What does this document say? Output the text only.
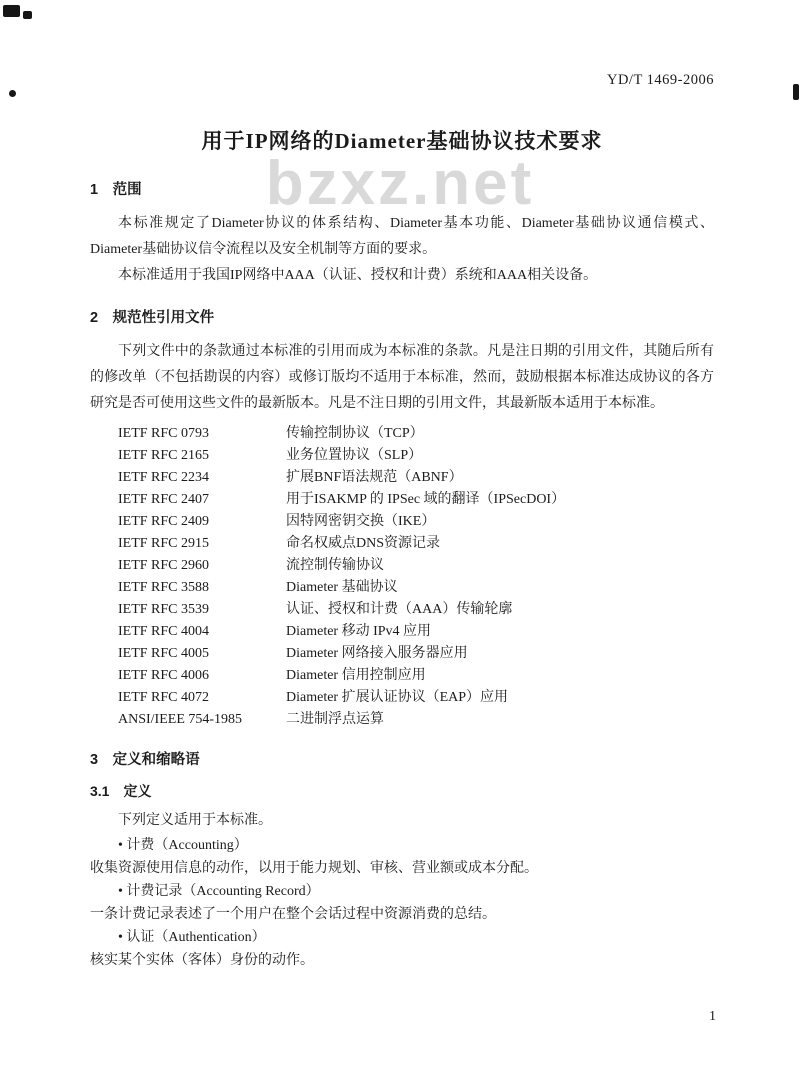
bzxz.net
YD/T 1469-2006
用于IP网络的Diameter基础协议技术要求
1　范围

本标准规定了Diameter协议的体系结构、Diameter基本功能、Diameter基础协议通信模式、Diameter基础协议信令流程以及安全机制等方面的要求。

本标准适用于我国IP网络中AAA（认证、授权和计费）系统和AAA相关设备。

2　规范性引用文件

下列文件中的条款通过本标准的引用而成为本标准的条款。凡是注日期的引用文件，其随后所有的修改单（不包括勘误的内容）或修订版均不适用于本标准，然而，鼓励根据本标准达成协议的各方研究是否可使用这些文件的最新版本。凡是不注日期的引用文件，其最新版本适用于本标准。

IETF RFC 0793	传输控制协议（TCP）
IETF RFC 2165	业务位置协议（SLP）
IETF RFC 2234	扩展BNF语法规范（ABNF）
IETF RFC 2407	用于ISAKMP 的 IPSec 域的翻译（IPSecDOI）
IETF RFC 2409	因特网密钥交换（IKE）
IETF RFC 2915	命名权威点DNS资源记录
IETF RFC 2960	流控制传输协议
IETF RFC 3588	Diameter 基础协议
IETF RFC 3539	认证、授权和计费（AAA）传输轮廓
IETF RFC 4004	Diameter 移动 IPv4 应用
IETF RFC 4005	Diameter 网络接入服务器应用
IETF RFC 4006	Diameter 信用控制应用
IETF RFC 4072	Diameter 扩展认证协议（EAP）应用
ANSI/IEEE 754-1985	二进制浮点运算
3　定义和缩略语
3.1　定义

下列定义适用于本标准。

• 计费（Accounting）

收集资源使用信息的动作，以用于能力规划、审核、营业额或成本分配。

• 计费记录（Accounting Record）

一条计费记录表述了一个用户在整个会话过程中资源消费的总结。

• 认证（Authentication）

核实某个实体（客体）身份的动作。

1
